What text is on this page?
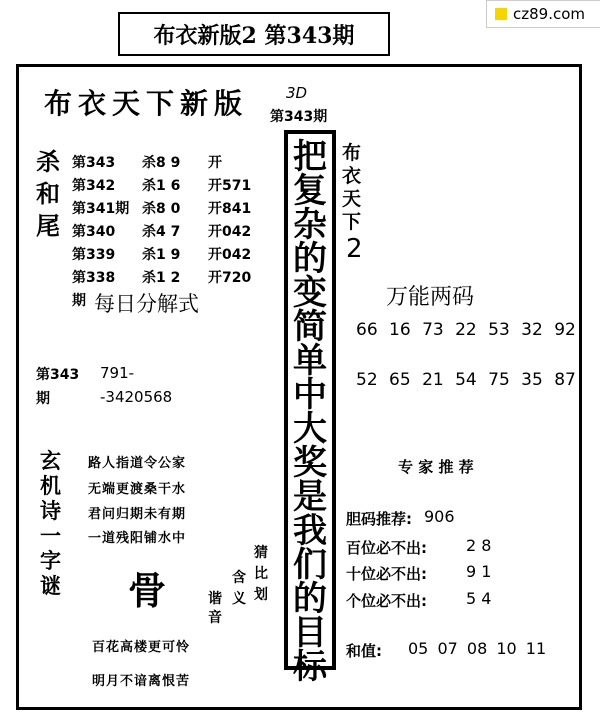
cz89.com
布衣新版2 第343期
布衣天下新版	3D
第343期
杀
和
尾
第343 杀8 9 开
第342 杀1 6 开571
第341期 杀8 0 开841
第340 杀4 7 开042
第339 杀1 9 开042
第338 杀1 2 开720
期 每日分解式
第343
期
791-
-3420568
玄
机
诗
一
字
谜
路人指道令公家
无端更渡桑干水
君问归期未有期
一道残阳铺水中
骨
猜
比
划
含
义
谐
音
百花高楼更可怜
明月不谙离恨苦
把
复
杂
的
变
简
单
中
大
奖
是
我
们
的
目
标
布
衣
天
下
2
万能两码
66 16 73 22 53 32 92
52 65 21 54 75 35 87
专 家 推 荐
胆码推荐: 906
百位必不出: 2 8
十位必不出: 9 1
个位必不出: 5 4
和值: 05 07 08 10 11
